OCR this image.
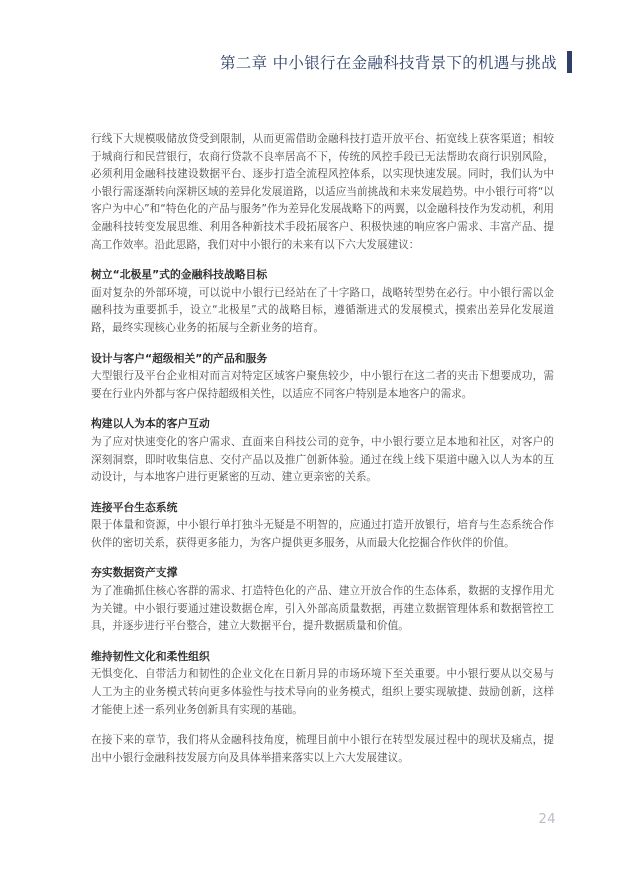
第二章 中小银行在金融科技背景下的机遇与挑战

行线下大规模吸储放贷受到限制，从而更需借助金融科技打造开放平台、拓宽线上获客渠道；相较于城商行和民营银行，农商行贷款不良率居高不下，传统的风控手段已无法帮助农商行识别风险，必须利用金融科技建设数据平台、逐步打造全流程风控体系，以实现快速发展。同时，我们认为中小银行需逐渐转向深耕区域的差异化发展道路，以适应当前挑战和未来发展趋势。中小银行可将“以客户为中心”和“特色化的产品与服务”作为差异化发展战略下的两翼，以金融科技作为发动机，利用金融科技转变发展思维、利用各种新技术手段拓展客户、积极快速的响应客户需求、丰富产品、提高工作效率。沿此思路，我们对中小银行的未来有以下六大发展建议：

树立“北极星”式的金融科技战略目标

面对复杂的外部环境，可以说中小银行已经站在了十字路口，战略转型势在必行。中小银行需以金融科技为重要抓手，设立“北极星”式的战略目标，遵循渐进式的发展模式，摸索出差异化发展道路，最终实现核心业务的拓展与全新业务的培育。

设计与客户“超级相关”的产品和服务

大型银行及平台企业相对而言对特定区域客户聚焦较少，中小银行在这二者的夹击下想要成功，需要在行业内外都与客户保持超级相关性，以适应不同客户特别是本地客户的需求。

构建以人为本的客户互动

为了应对快速变化的客户需求、直面来自科技公司的竞争，中小银行要立足本地和社区，对客户的深刻洞察，即时收集信息、交付产品以及推广创新体验。通过在线上线下渠道中融入以人为本的互动设计，与本地客户进行更紧密的互动、建立更亲密的关系。

连接平台生态系统

限于体量和资源，中小银行单打独斗无疑是不明智的，应通过打造开放银行，培育与生态系统合作伙伴的密切关系，获得更多能力，为客户提供更多服务，从而最大化挖掘合作伙伴的价值。

夯实数据资产支撑

为了准确抓住核心客群的需求、打造特色化的产品、建立开放合作的生态体系，数据的支撑作用尤为关键。中小银行要通过建设数据仓库，引入外部高质量数据，再建立数据管理体系和数据管控工具，并逐步进行平台整合，建立大数据平台，提升数据质量和价值。

维持韧性文化和柔性组织

无惧变化、自带活力和韧性的企业文化在日新月异的市场环境下至关重要。中小银行要从以交易与人工为主的业务模式转向更多体验性与技术导向的业务模式，组织上要实现敏捷、鼓励创新，这样才能使上述一系列业务创新具有实现的基础。

在接下来的章节，我们将从金融科技角度，梳理目前中小银行在转型发展过程中的现状及痛点，提出中小银行金融科技发展方向及具体举措来落实以上六大发展建议。

24
